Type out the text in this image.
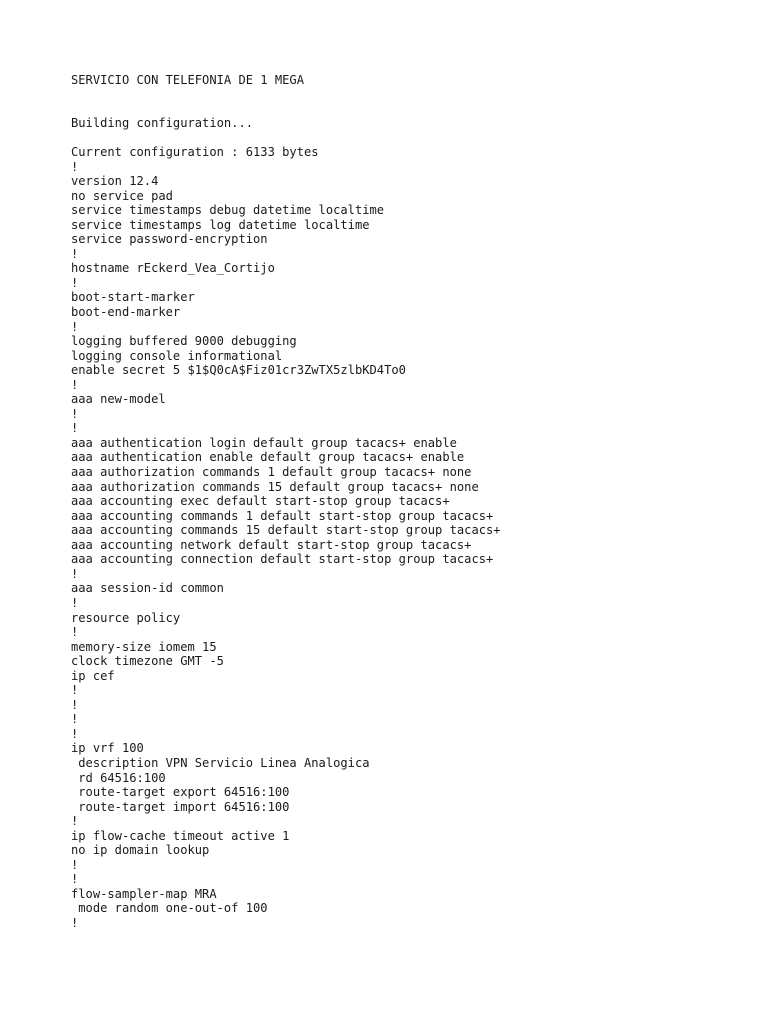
SERVICIO CON TELEFONIA DE 1 MEGA

Building configuration...

Current configuration : 6133 bytes
!
version 12.4
no service pad
service timestamps debug datetime localtime
service timestamps log datetime localtime
service password-encryption
!
hostname rEckerd_Vea_Cortijo
!
boot-start-marker
boot-end-marker
!
logging buffered 9000 debugging
logging console informational
enable secret 5 $1$Q0cA$Fiz01cr3ZwTX5zlbKD4To0
!
aaa new-model
!
!
aaa authentication login default group tacacs+ enable
aaa authentication enable default group tacacs+ enable
aaa authorization commands 1 default group tacacs+ none
aaa authorization commands 15 default group tacacs+ none
aaa accounting exec default start-stop group tacacs+
aaa accounting commands 1 default start-stop group tacacs+
aaa accounting commands 15 default start-stop group tacacs+
aaa accounting network default start-stop group tacacs+
aaa accounting connection default start-stop group tacacs+
!
aaa session-id common
!
resource policy
!
memory-size iomem 15
clock timezone GMT -5
ip cef
!
!
!
!
ip vrf 100
description VPN Servicio Linea Analogica
rd 64516:100
route-target export 64516:100
route-target import 64516:100
!
ip flow-cache timeout active 1
no ip domain lookup
!
!
flow-sampler-map MRA
mode random one-out-of 100
!
